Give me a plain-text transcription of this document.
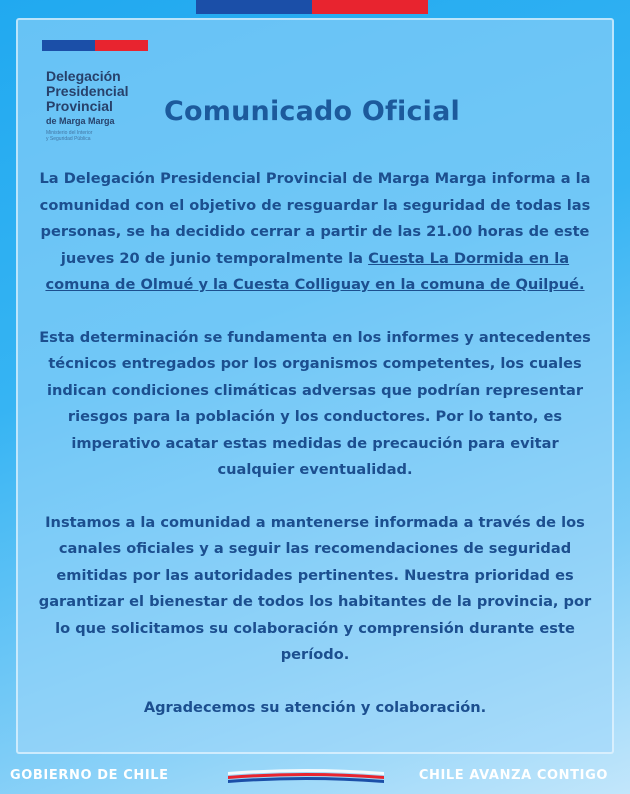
Delegación
Presidencial
Provincial
de Marga Marga
Ministerio del Interior
y Seguridad Pública
Comunicado Oficial

La Delegación Presidencial Provincial de Marga Marga informa a la comunidad con el objetivo de resguardar la seguridad de todas las personas, se ha decidido cerrar a partir de las 21.00 horas de este jueves 20 de junio temporalmente la Cuesta La Dormida en la comuna de Olmué y la Cuesta Colliguay en la comuna de Quilpué.

Esta determinación se fundamenta en los informes y antecedentes técnicos entregados por los organismos competentes, los cuales indican condiciones climáticas adversas que podrían representar riesgos para la población y los conductores. Por lo tanto, es imperativo acatar estas medidas de precaución para evitar cualquier eventualidad.

Instamos a la comunidad a mantenerse informada a través de los canales oficiales y a seguir las recomendaciones de seguridad emitidas por las autoridades pertinentes. Nuestra prioridad es garantizar el bienestar de todos los habitantes de la provincia, por lo que solicitamos su colaboración y comprensión durante este período.

Agradecemos su atención y colaboración.

GOBIERNO DE CHILE	CHILE AVANZA CONTIGO
